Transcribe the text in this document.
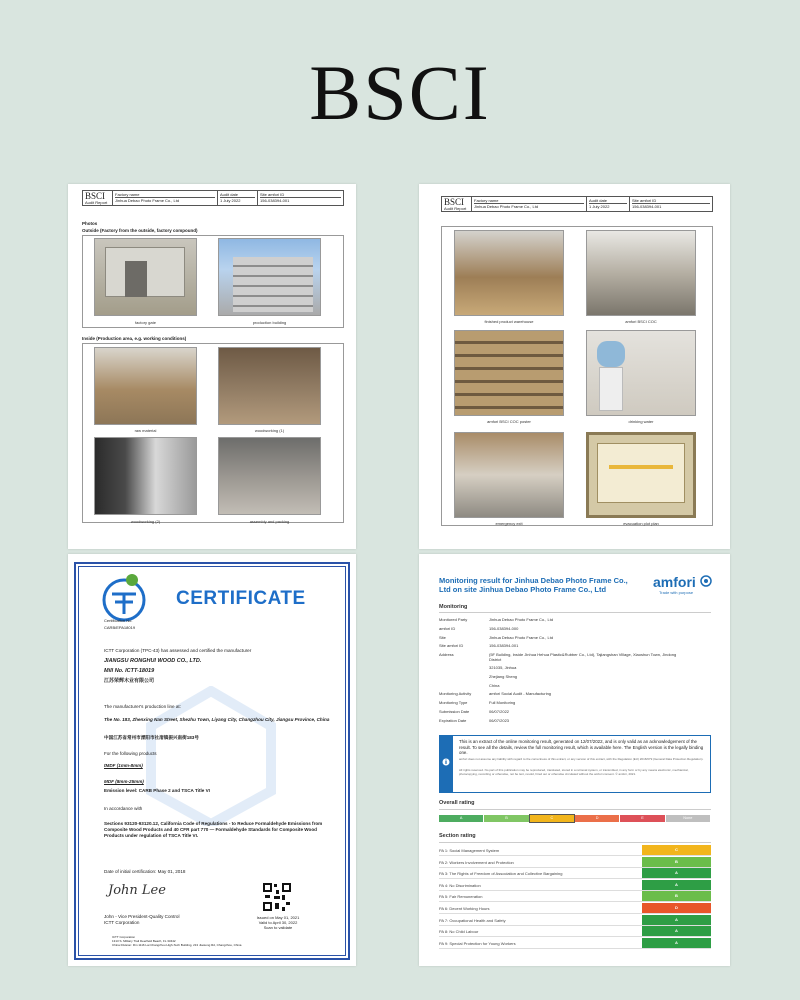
BSCI
BSCI
Audit Report
Factory name
Jinhua Debao Photo Frame Co., Ltd
Audit date
1 July 2022
Site amfori ID
156-038394-001
Photos
Outside (Factory from the outside, factory compound)
factory gate	production building
Inside (Production area, e.g. working conditions)
raw material	woodworking (1)
woodworking (2)	assembly and packing
BSCI
Audit Report
Factory name
Jinhua Debao Photo Frame Co., Ltd
Audit date
1 July 2022
Site amfori ID
156-038394-001
finished product warehouse	amfori BSCI COC
amfori BSCI COC poster	drinking water
emergency exit	evacuation plot plan
CERTIFICATE
Certification No.
CARB/EPA18019
ICTT Corporation (TPC-43) has assessed and certified the manufacturer
JIANGSU RONGHUI WOOD CO., LTD.
Mill No. ICTT-18019
江苏荣辉木业有限公司
The manufacturer's production line at:
The No. 183, Zhenxing Nan Street, Shezhu Town, Liyang City, Changzhou City, Jiangsu Province, China
中国江苏省常州市溧阳市社渚镇振兴南街183号
For the following products
tMDF (1mm-8mm)
MDF (8mm-25mm)
Emission level: CARB Phase 2 and TSCA Title VI
In accordance with
Sections 93120-93120.12, California Code of Regulations - to Reduce Formaldehyde Emissions from Composite Wood Products and 40 CFR part 770 — Formaldehyde Standards for Composite Wood Products under regulation of TSCA Title VI.
Date of initial certification: May 01, 2018
John Lee
John - Vice President-Quality Control
ICTT Corporation
Issued on May 01, 2021
Valid to April 30, 2022
Scan to validate
ICTT Corporation
1313 S. Military Trail Deerfield Beach, FL 33442
China Division: Rm 1116 Lai Changzhou High-Tech Building, 213 Jiaotong Rd, Changzhou, China
Monitoring result for Jinhua Debao Photo Frame Co., Ltd on site Jinhua Debao Photo Frame Co., Ltd	amfori
Trade with purpose
Monitoring
Monitored Party	Jinhua Debao Photo Frame Co., Ltd
amfori ID	156-038394-000
Site	Jinhua Debao Photo Frame Co., Ltd
Site amfori ID	156-038394-001
Address	(5F Building, Inside Jinhua Hehua Plastic&Rubber Co., Ltd), Tajiangshan Village, Xiaoshun Town, Jindong District
321035, Jinhua
Zhejiang Sheng
China
Monitoring Activity	amfori Social Audit - Manufacturing
Monitoring Type	Full Monitoring
Submission Date	06/07/2022
Expiration Date	06/07/2023
This is an extract of the online monitoring result, generated on 12/07/2022, and is only valid as an acknowledgement of the result. To see all the details, review the full monitoring result, which is available here. The English version is the legally binding one.
amfori does not assume any liability with regard to the correctness of this extract, or any version of this extract, with the Regulation (EU) 2016/679 (General Data Protection Regulation).
All rights reserved. No part of this publication may be reproduced, translated, stored in a retrieval system, or transmitted, in any form or by any means electronic, mechanical, photocopying, recording or otherwise, not be lent, resold, hired out or otherwise circulated without the amfori consent. © amfori, 2021.
Overall rating
A	B	C	D	E	None
Section rating
PA 1: Social Management System	C
PA 2: Workers Involvement and Protection	B
PA 3: The Rights of Freedom of Association and Collective Bargaining	A
PA 4: No Discrimination	A
PA 5: Fair Remuneration	B
PA 6: Decent Working Hours	D
PA 7: Occupational Health and Safety	A
PA 8: No Child Labour	A
PA 9: Special Protection for Young Workers	A
